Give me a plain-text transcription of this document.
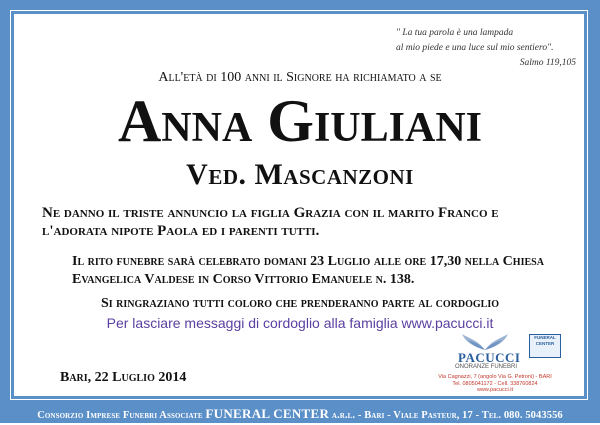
" La tua parola è una lampada
al mio piede e una luce sul mio sentiero".
Salmo 119,105
All'età di 100 anni il Signore ha richiamato a se
Anna Giuliani
Ved. Mascanzoni
Ne danno il triste annuncio la figlia Grazia con il marito Franco e l'adorata nipote Paola ed i parenti tutti.
Il rito funebre sarà celebrato domani 23 Luglio alle ore 17,30 nella Chiesa Evangelica Valdese in Corso Vittorio Emanuele n. 138.
Si ringraziano tutti coloro che prenderanno parte al cordoglio
Per lasciare messaggi di cordoglio alla famiglia www.pacucci.it
Bari, 22 Luglio 2014
PACUCCI
ONORANZE FUNEBRI
FUNERAL
CENTER
Via Cagnazzi, 7 (angolo Via G. Petroni) - BARI
Tel. 0805041172 - Cell. 338760824
www.pacucci.it
Consorzio Imprese Funebri Associate FUNERAL CENTER a.r.l. - Bari - Viale Pasteur, 17 - Tel. 080. 5043556
